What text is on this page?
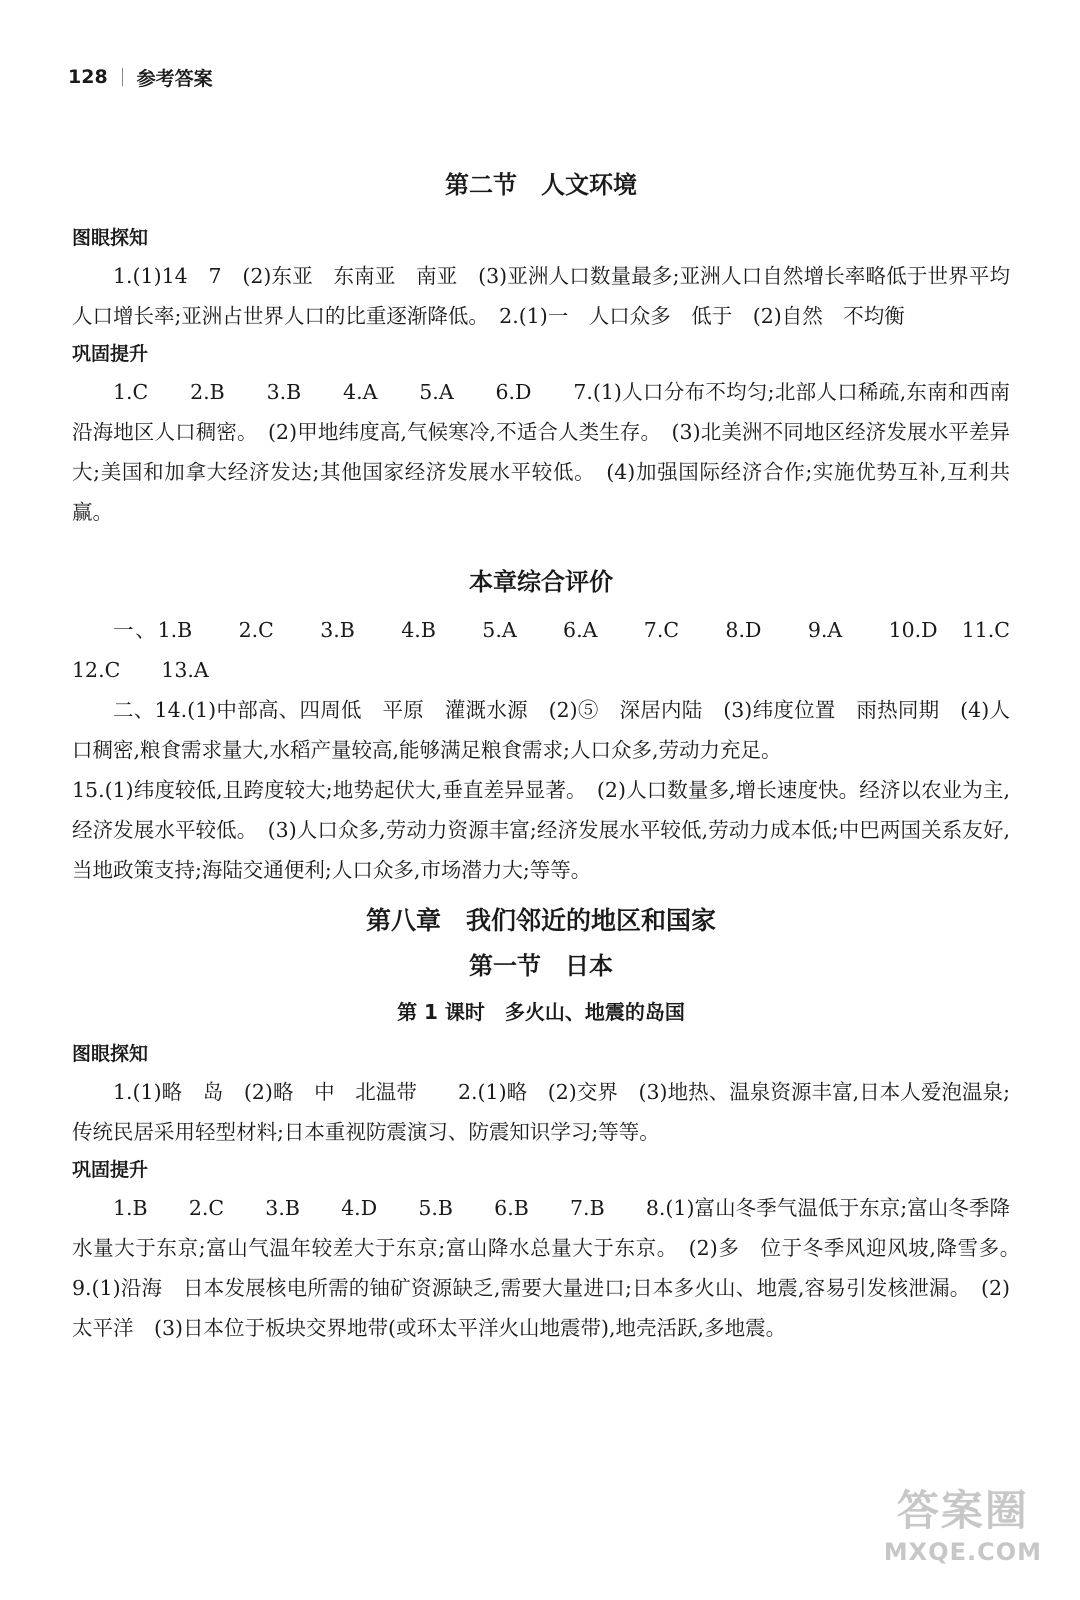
128 参考答案
第二节　人文环境

图眼探知

1.(1)14　7　(2)东亚　东南亚　南亚　(3)亚洲人口数量最多;亚洲人口自然增长率略低于世界平均人口增长率;亚洲占世界人口的比重逐渐降低。　2.(1)一　人口众多　低于　(2)自然　不均衡

巩固提升

1.C　　2.B　　3.B　　4.A　　5.A　　6.D　　7.(1)人口分布不均匀;北部人口稀疏,东南和西南沿海地区人口稠密。　(2)甲地纬度高,气候寒冷,不适合人类生存。　(3)北美洲不同地区经济发展水平差异大;美国和加拿大经济发达;其他国家经济发展水平较低。　(4)加强国际经济合作;实施优势互补,互利共赢。

本章综合评价

一、1.B　　2.C　　3.B　　4.B　　5.A　　6.A　　7.C　　8.D　　9.A　　10.D　11.C　　12.C　　13.A

二、14.(1)中部高、四周低　平原　灌溉水源　(2)⑤　深居内陆　(3)纬度位置　雨热同期　(4)人口稠密,粮食需求量大,水稻产量较高,能够满足粮食需求;人口众多,劳动力充足。

15.(1)纬度较低,且跨度较大;地势起伏大,垂直差异显著。　(2)人口数量多,增长速度快。经济以农业为主,经济发展水平较低。　(3)人口众多,劳动力资源丰富;经济发展水平较低,劳动力成本低;中巴两国关系友好,当地政策支持;海陆交通便利;人口众多,市场潜力大;等等。

第八章　我们邻近的地区和国家
第一节　日本
第 1 课时　多火山、地震的岛国

图眼探知

1.(1)略　岛　(2)略　中　北温带　　2.(1)略　(2)交界　(3)地热、温泉资源丰富,日本人爱泡温泉;传统民居采用轻型材料;日本重视防震演习、防震知识学习;等等。

巩固提升

1.B　　2.C　　3.B　　4.D　　5.B　　6.B　　7.B　　8.(1)富山冬季气温低于东京;富山冬季降水量大于东京;富山气温年较差大于东京;富山降水总量大于东京。　(2)多　位于冬季风迎风坡,降雪多。　9.(1)沿海　日本发展核电所需的铀矿资源缺乏,需要大量进口;日本多火山、地震,容易引发核泄漏。　(2)太平洋　(3)日本位于板块交界地带(或环太平洋火山地震带),地壳活跃,多地震。

答案圈
MXQE.COM
